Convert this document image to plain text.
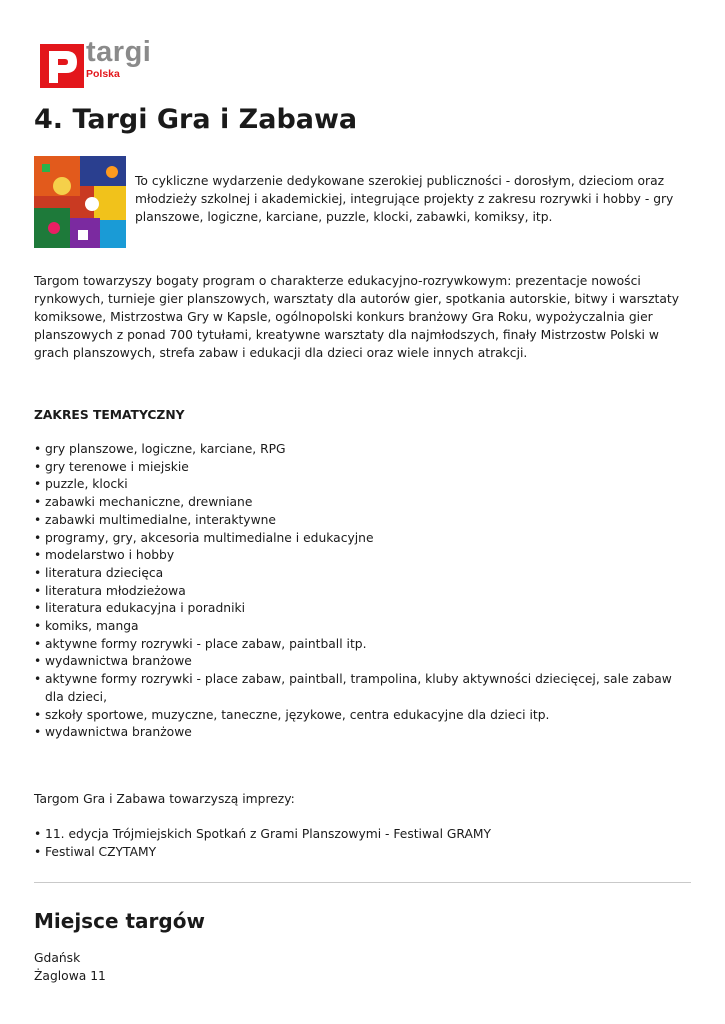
targi
Polska
4. Targi Gra i Zabawa

To cykliczne wydarzenie dedykowane szerokiej publiczności - dorosłym, dzieciom oraz młodzieży szkolnej i akademickiej, integrujące projekty z zakresu rozrywki i hobby - gry planszowe, logiczne, karciane, puzzle, klocki, zabawki, komiksy, itp.

Targom towarzyszy bogaty program o charakterze edukacyjno-rozrywkowym: prezentacje nowości rynkowych, turnieje gier planszowych, warsztaty dla autorów gier, spotkania autorskie, bitwy i warsztaty komiksowe, Mistrzostwa Gry w Kapsle, ogólnopolski konkurs branżowy Gra Roku, wypożyczalnia gier planszowych z ponad 700 tytułami, kreatywne warsztaty dla najmłodszych, finały Mistrzostw Polski w grach planszowych, strefa zabaw i edukacji dla dzieci oraz wiele innych atrakcji.

ZAKRES TEMATYCZNY
• gry planszowe, logiczne, karciane, RPG
• gry terenowe i miejskie
• puzzle, klocki
• zabawki mechaniczne, drewniane
• zabawki multimedialne, interaktywne
• programy, gry, akcesoria multimedialne i edukacyjne
• modelarstwo i hobby
• literatura dziecięca
• literatura młodzieżowa
• literatura edukacyjna i poradniki
• komiks, manga
• aktywne formy rozrywki - place zabaw, paintball itp.
• wydawnictwa branżowe
• aktywne formy rozrywki - place zabaw, paintball, trampolina, kluby aktywności dziecięcej, sale zabaw dla dzieci,
• szkoły sportowe, muzyczne, taneczne, językowe, centra edukacyjne dla dzieci itp.
• wydawnictwa branżowe

Targom Gra i Zabawa towarzyszą imprezy:

• 11. edycja Trójmiejskich Spotkań z Grami Planszowymi - Festiwal GRAMY
• Festiwal CZYTAMY
Miejsce targów
Gdańsk
Żaglowa 11
